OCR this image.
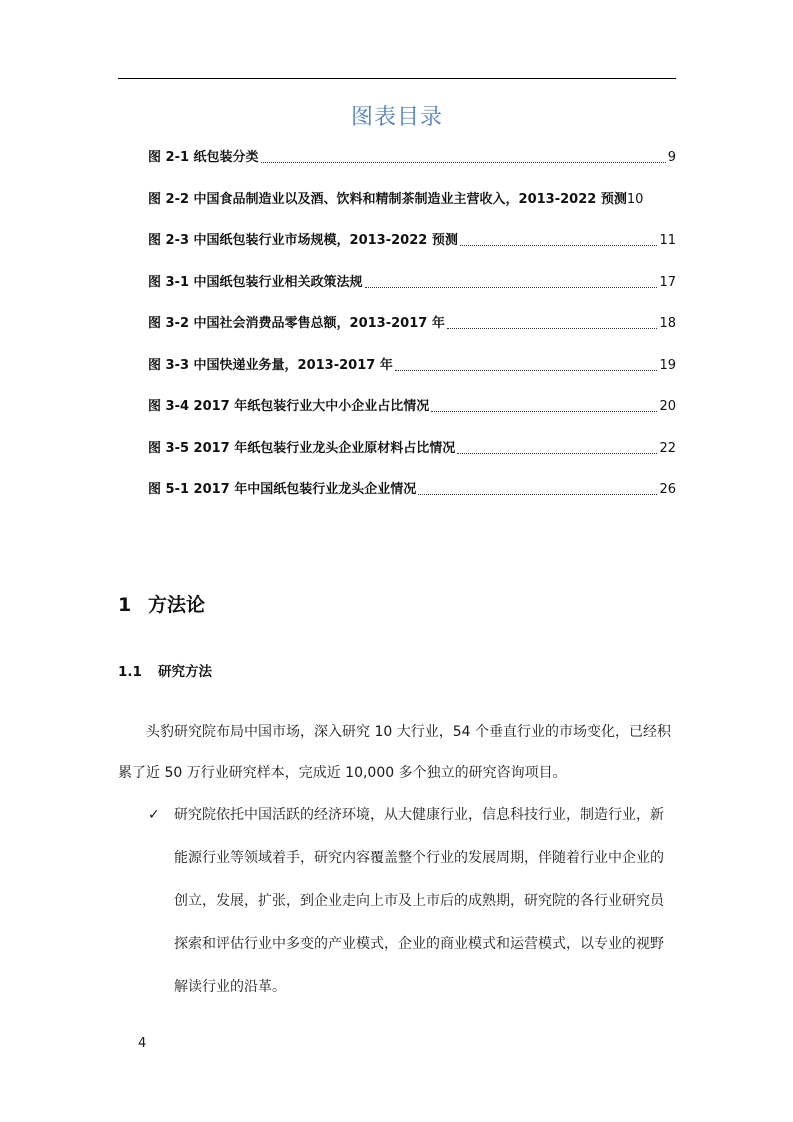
图表目录
图 2-1 纸包装分类	9
图 2-2 中国食品制造业以及酒、饮料和精制茶制造业主营收入，2013-2022 预测 10
图 2-3 中国纸包装行业市场规模，2013-2022 预测	11
图 3-1 中国纸包装行业相关政策法规	17
图 3-2 中国社会消费品零售总额，2013-2017 年	18
图 3-3 中国快递业务量，2013-2017 年	19
图 3-4 2017 年纸包装行业大中小企业占比情况	20
图 3-5 2017 年纸包装行业龙头企业原材料占比情况	22
图 5-1 2017 年中国纸包装行业龙头企业情况	26
1 方法论
1.1 研究方法

头豹研究院布局中国市场，深入研究 10 大行业，54 个垂直行业的市场变化，已经积累了近 50 万行业研究样本，完成近 10,000 多个独立的研究咨询项目。

✓	研究院依托中国活跃的经济环境，从大健康行业，信息科技行业，制造行业，新能源行业等领域着手，研究内容覆盖整个行业的发展周期，伴随着行业中企业的创立，发展，扩张，到企业走向上市及上市后的成熟期，研究院的各行业研究员探索和评估行业中多变的产业模式，企业的商业模式和运营模式，以专业的视野解读行业的沿革。

4
